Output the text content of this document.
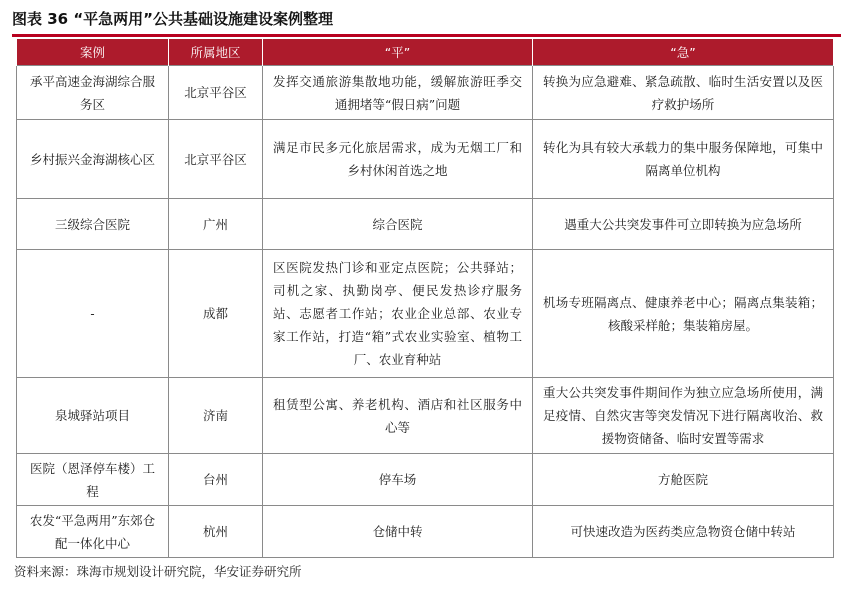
图表 36 “平急两用”公共基础设施建设案例整理
案例	所属地区	“平”	“急”
承平高速金海湖综合服务区	北京平谷区	发挥交通旅游集散地功能，缓解旅游旺季交通拥堵等“假日病”问题	转换为应急避难、紧急疏散、临时生活安置以及医疗救护场所
乡村振兴金海湖核心区	北京平谷区	满足市民多元化旅居需求，成为无烟工厂和乡村休闲首选之地	转化为具有较大承载力的集中服务保障地，可集中隔离单位机构
三级综合医院	广州	综合医院	遇重大公共突发事件可立即转换为应急场所
-	成都	区医院发热门诊和亚定点医院；公共驿站；司机之家、执勤岗亭、便民发热诊疗服务站、志愿者工作站；农业企业总部、农业专家工作站，打造“箱”式农业实验室、植物工厂、农业育种站	机场专班隔离点、健康养老中心；隔离点集装箱；核酸采样舱；集装箱房屋。
泉城驿站项目	济南	租赁型公寓、养老机构、酒店和社区服务中心等	重大公共突发事件期间作为独立应急场所使用，满足疫情、自然灾害等突发情况下进行隔离收治、救援物资储备、临时安置等需求
医院（恩泽停车楼）工程	台州	停车场	方舱医院
农发“平急两用”东郊仓配一体化中心	杭州	仓储中转	可快速改造为医药类应急物资仓储中转站
资料来源：珠海市规划设计研究院，华安证券研究所
